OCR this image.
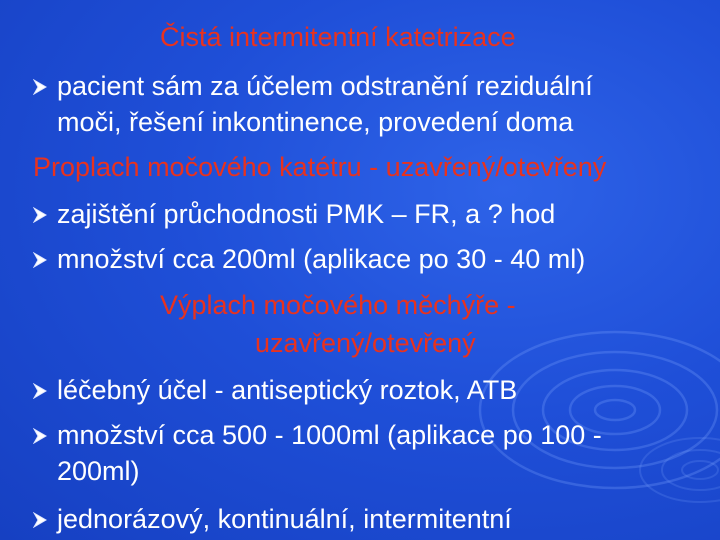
Čistá intermitentní katetrizace
pacient sám za účelem odstranění reziduální
moči, řešení inkontinence, provedení doma
Proplach močového katétru - uzavřený/otevřený
zajištění průchodnosti PMK – FR, a ? hod
množství cca 200ml (aplikace po 30 - 40 ml)
Výplach močového měchýře -
uzavřený/otevřený
léčebný účel - antiseptický roztok, ATB
množství cca 500 - 1000ml (aplikace po 100 -
200ml)
jednorázový, kontinuální, intermitentní
